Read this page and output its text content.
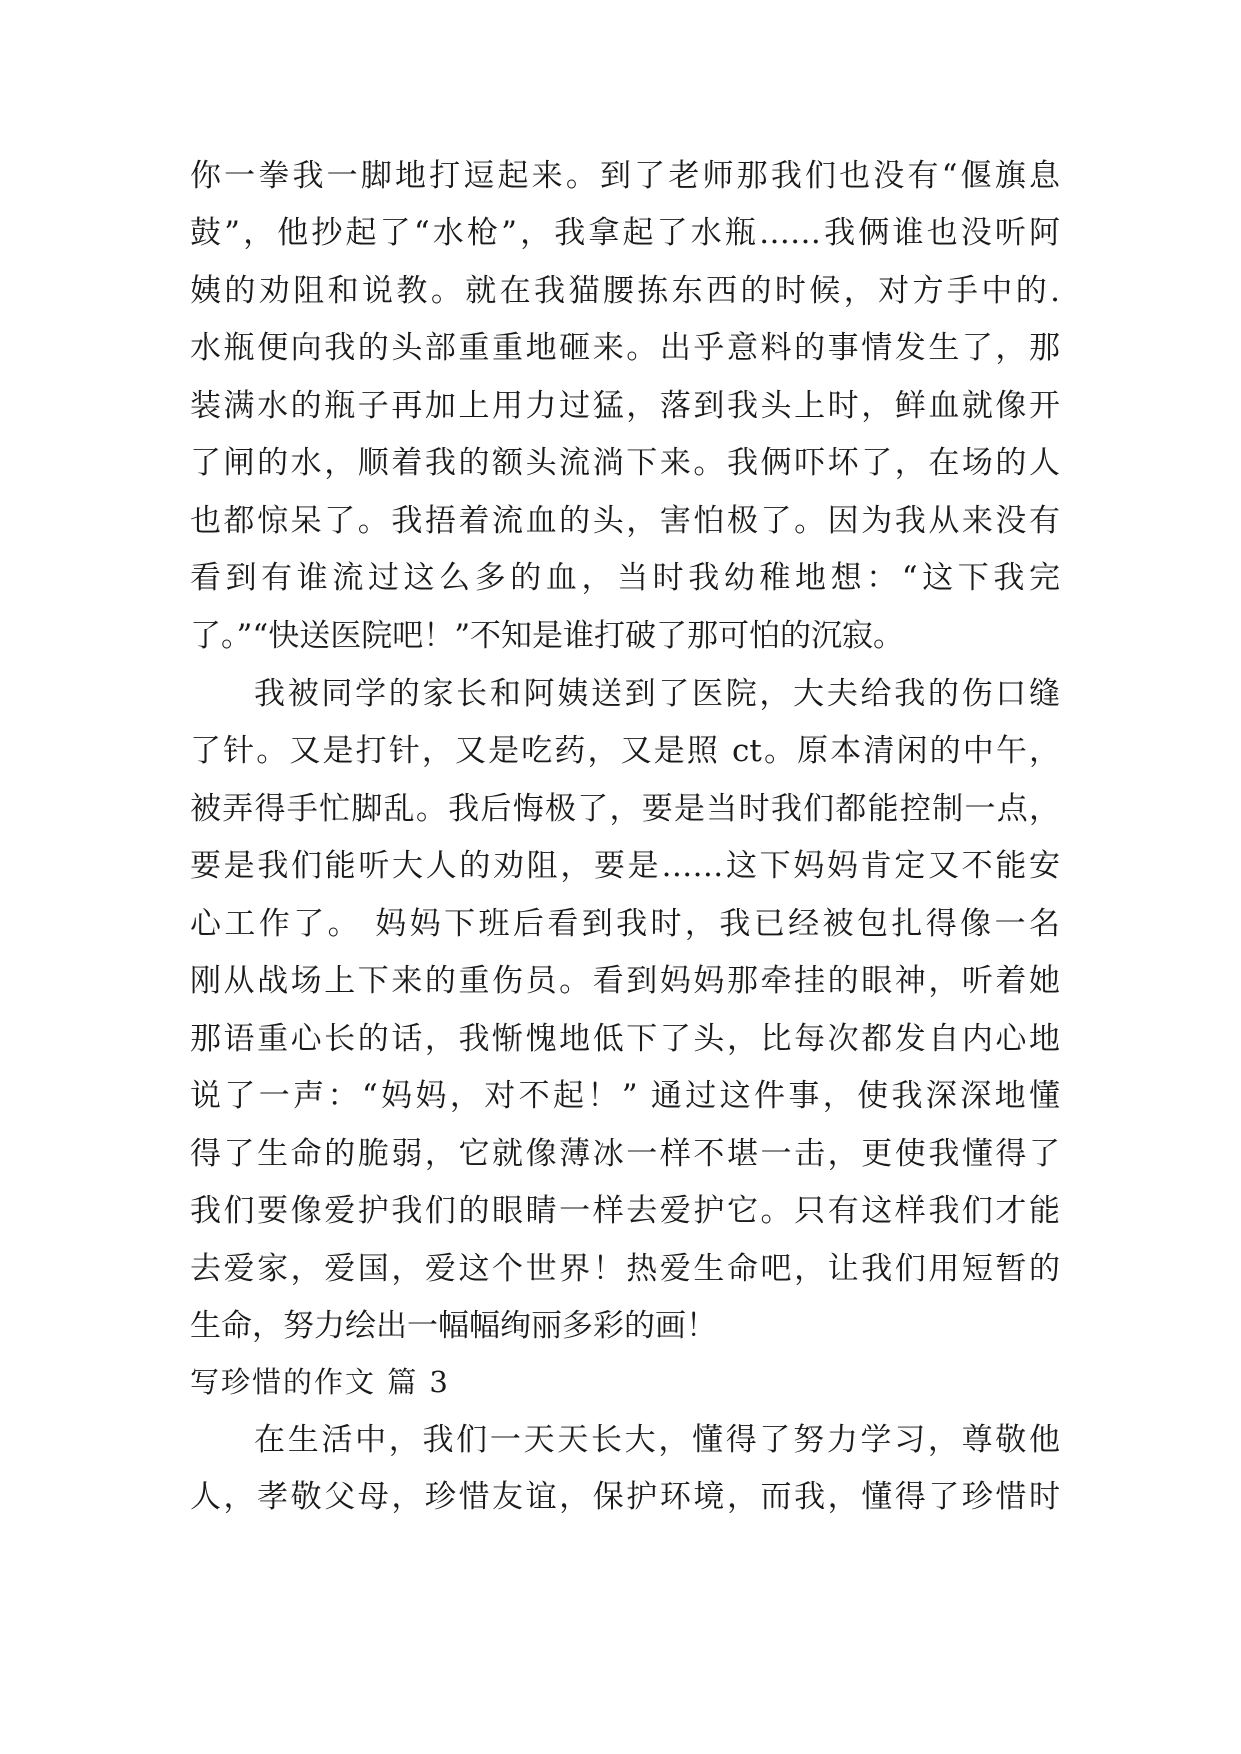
你一拳我一脚地打逗起来。到了老师那我们也没有“偃旗息
鼓”，他抄起了“水枪”，我拿起了水瓶……我俩谁也没听阿
姨的劝阻和说教。就在我猫腰拣东西的时候，对方手中的.
水瓶便向我的头部重重地砸来。出乎意料的事情发生了，那
装满水的瓶子再加上用力过猛，落到我头上时，鲜血就像开
了闸的水，顺着我的额头流淌下来。我俩吓坏了，在场的人
也都惊呆了。我捂着流血的头，害怕极了。因为我从来没有
看到有谁流过这么多的血，当时我幼稚地想：“这下我完
了。”“快送医院吧！”不知是谁打破了那可怕的沉寂。
我被同学的家长和阿姨送到了医院，大夫给我的伤口缝
了针。又是打针，又是吃药，又是照 ct。原本清闲的中午，
被弄得手忙脚乱。我后悔极了，要是当时我们都能控制一点，
要是我们能听大人的劝阻，要是……这下妈妈肯定又不能安
心工作了。 妈妈下班后看到我时，我已经被包扎得像一名
刚从战场上下来的重伤员。看到妈妈那牵挂的眼神，听着她
那语重心长的话，我惭愧地低下了头，比每次都发自内心地
说了一声：“妈妈，对不起！” 通过这件事，使我深深地懂
得了生命的脆弱，它就像薄冰一样不堪一击，更使我懂得了
我们要像爱护我们的眼睛一样去爱护它。只有这样我们才能
去爱家，爱国，爱这个世界！热爱生命吧，让我们用短暂的
生命，努力绘出一幅幅绚丽多彩的画！
写珍惜的作文 篇 3
在生活中，我们一天天长大，懂得了努力学习，尊敬他
人，孝敬父母，珍惜友谊，保护环境，而我，懂得了珍惜时
